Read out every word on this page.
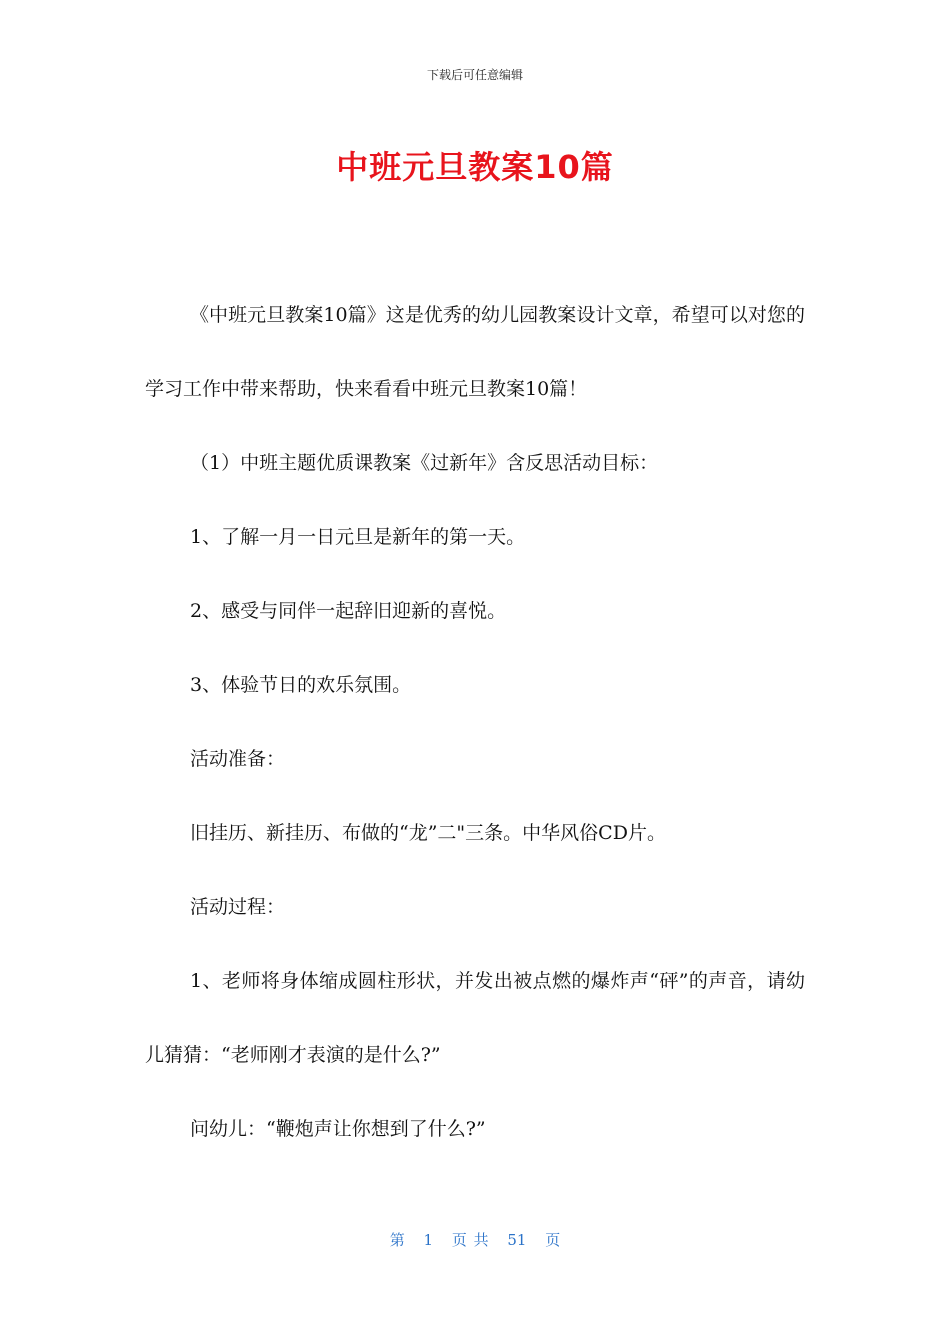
下载后可任意编辑
中班元旦教案10篇

《中班元旦教案10篇》这是优秀的幼儿园教案设计文章，希望可以对您的学习工作中带来帮助，快来看看中班元旦教案10篇！

（1）中班主题优质课教案《过新年》含反思活动目标：

1、了解一月一日元旦是新年的第一天。

2、感受与同伴一起辞旧迎新的喜悦。

3、体验节日的欢乐氛围。

活动准备：

旧挂历、新挂历、布做的“龙”二"三条。中华风俗CD片。

活动过程：

1、老师将身体缩成圆柱形状，并发出被点燃的爆炸声“砰”的声音，请幼儿猜猜：“老师刚才表演的是什么?”

问幼儿：“鞭炮声让你想到了什么?”

第 1 页 共 51 页
